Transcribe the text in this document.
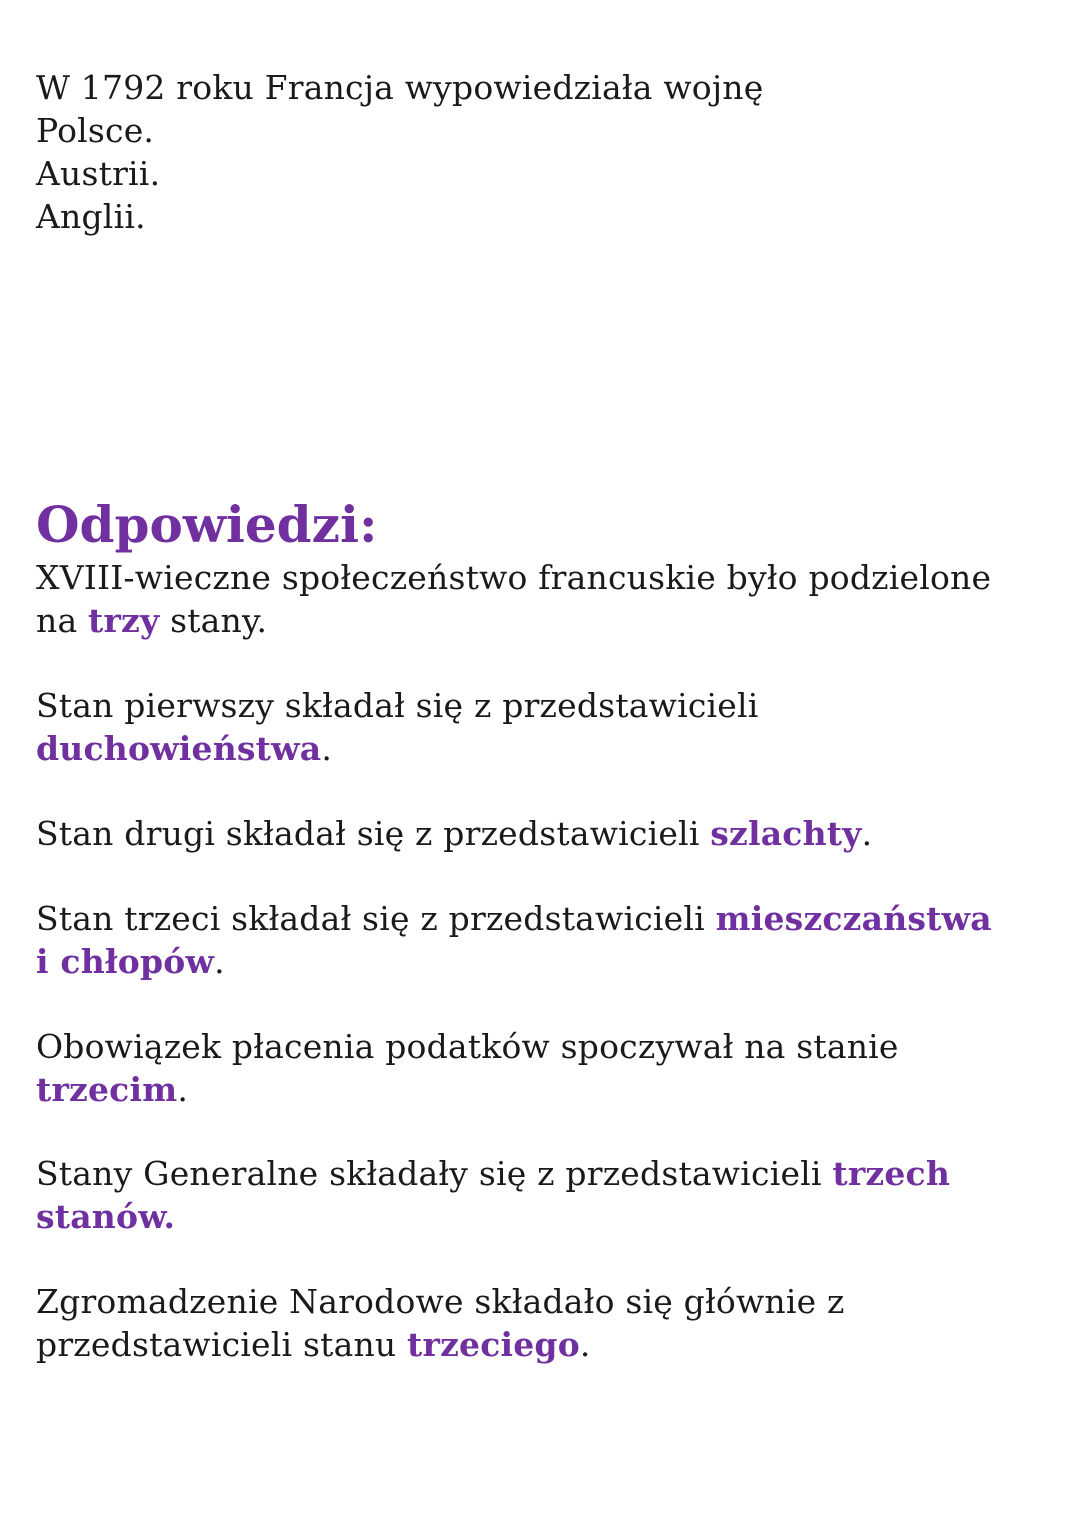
W 1792 roku Francja wypowiedziała wojnę
Polsce.
Austrii.
Anglii.
Odpowiedzi:
XVIII-wieczne społeczeństwo francuskie było podzielone
na trzy stany.
Stan pierwszy składał się z przedstawicieli
duchowieństwa.
Stan drugi składał się z przedstawicieli szlachty.
Stan trzeci składał się z przedstawicieli mieszczaństwa
i chłopów.
Obowiązek płacenia podatków spoczywał na stanie
trzecim.
Stany Generalne składały się z przedstawicieli trzech
stanów.
Zgromadzenie Narodowe składało się głównie z
przedstawicieli stanu trzeciego.
